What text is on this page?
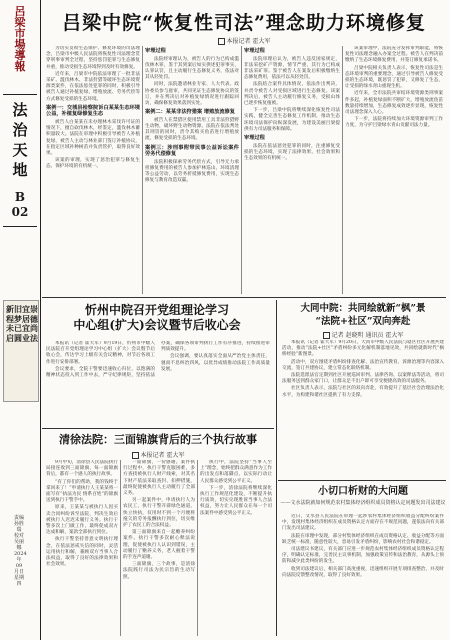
呂
梁
市
場
導
報
法
治
天
地
B
02
崇
德
尚
法
宜
居
宜
业
旧
梦
已
圆
新
程
未
启
责编 孙胜瑞 校对 吴丽娜 2024年09月日 星期四
吕梁中院“恢复性司法”理念助力环境修复
本报记者 霍大军

为切实贯彻生态保护、修复环境的司法理念，吕梁市中级人民法院将恢复性司法理念贯穿刑事审判全过程，坚持惩罚犯罪与生态修复并重，推动受损生态环境得到及时有效修复。

近年来，吕梁市中院依法审理了一批非法采矿、滥伐林木、非法狩猎等破坏生态环境资源类案件，在依法惩处犯罪的同时，积极引导被告人通过补植复绿、增殖放流、劳务代偿等方式修复受损的生态环境。

案例一：交城县检察院诉白某某生态环境公益，补植复绿修复生态

被告人白某某在未办理林木采伐许可证的情况下，擅自砍伐林木，经鉴定，滥伐林木蓄积量较大。法院在审理中积极引导被告人补植复绿，被告人主动与林业部门签订补植协议，在指定区域补种树苗并负责管护，取得良好效果。

该案的审理，实现了惩治犯罪与修复生态、保护环境的有机统一。

审理过程

法院经审理认为，被告人的行为已构成滥伐林木罪，鉴于其到案后如实供述犯罪事实，认罪认罚，且主动履行生态修复义务，依法对其从轻处罚。

同时，法院邀请林业专家、人大代表、政协委员参与庭审，共同见证生态修复协议的签订，并在判决后对补植复绿情况进行跟踪回访，确保修复效果落到实处。

案例二：某某非法狩猎案 增殖放流修复

被告人在禁猎区使用禁用工具非法狩猎野生动物，破坏野生动物资源。法院在依法判处其刑罚的同时，责令其购买鱼苗进行增殖放流，修复受损的生态环境。

案例三：涉刑事附带民事公益诉讼案件 劳务代偿修复

法院积极探索劳务代偿方式，引导无力承担修复费用的被告人参加护林巡山、环境清理等公益劳动，以劳务折抵修复费用，实现生态修复与教育改造双赢。

审理过程

法院审理后认为，被告人违反国家规定，非法采挖矿产资源，情节严重，其行为已构成非法采矿罪。鉴于被告人在案发后积极缴纳生态修复费用，依法可以从轻处罚。

法院结合案件具体情况，依法作出判决，并责令被告人对受损区域进行生态修复。该案判决后，被告人主动履行修复义务，受损山体已逐步恢复植被。

下一步，吕梁中院将继续深化恢复性司法实践，健全完善生态修复工作机制，推动生态环境司法保护向纵深发展，为建设美丽吕梁提供有力司法服务和保障。

审理过程

法院在依法惩处犯罪的同时，注重修复受损的生态环境，实现了法律效果、社会效果和生态效果的有机统一。

该案审理中，法院充分发挥审判职能，将恢复性司法理念融入办案全过程。被告人在判决前缴纳了生态环境修复费用，并签订修复承诺书。

吕梁中院相关负责人表示，恢复性司法是生态环境审判的重要理念，通过引导被告人修复受损的生态环境，既惩罚了犯罪，又修复了生态，让受损的绿水青山重现生机。

近年来，全市法院共审结环境资源类刑事案件多起，补植复绿面积不断扩大，增殖放流鱼苗数量持续增加，生态修复成效逐步显现，恢复性司法理念深入人心。

下一步，法院将持续加大环境资源审判工作力度，为守护吕梁绿水青山贡献司法力量。

忻州中院召开党组理论学习
中心组(扩大)会议暨节后收心会

本报讯（记者 霍大军）9月19日，忻州市中级人民法院召开党组理论学习中心组（扩大）会议暨节后收心会，传达学习上级有关会议精神，对节后各项工作进行安排部署。

会议要求，全院干警要迅速收心归位，以饱满的精神状态投入到工作中去，严守纪律规矩，坚持依法办案，确保各项审判执行工作有序推进，持续推进审判质效提升。

会议强调，要认真落实全面从严治党主体责任，驰而不息纠治四风，以优异成绩推动法院工作高质量发展。

清徐法院：三面锦旗背后的三个执行故事
本报记者 霍大军

9月中旬，清徐县人民法院执行局接连收到三面锦旗，每一面锦旗背后，都有一个感人的执行故事。

“有了你们的帮助，我的钱终于拿回来了！”申请执行人王某某将一面写有“执法为民 情系百姓”的锦旗送到执行干警手中。

原来，王某某与被执行人因买卖合同纠纷诉至法院，判决生效后被执行人迟迟未履行义务。执行干警多次上门做工作，最终促成双方达成和解，案款全部执行到位。

执行干警坚持善意文明执行理念，在依法惩戒失信的同时，灵活运用执行和解，兼顾双方当事人合法权益，取得了良好的法律效果和社会效果。

一面锦旗，一份感谢。案件执行过程中，执行干警克服困难，多方查找被执行人财产线索，对其名下财产依法采取查封、扣押措施，最终促使被执行人主动履行了全部义务。

另一起案件中，申请执行人为农民工，执行干警开辟绿色通道，快立快执，仅用时不到一个月便将拖欠的劳务报酬执行到位，切实维护了农民工的合法权益。

第三面锦旗来自一起赡养纠纷案件。执行干警多次耐心释法说理，促使被执行人认识到错误，主动履行了赡养义务，老人握着干警的手连声道谢。

三面锦旗，三个故事，是清徐法院践行司法为民宗旨的生动写照。

执行中，法院坚持“当事人至上”理念，始终把群众满意作为工作的出发点和落脚点，以实际行动让人民群众感受到公平正义。

下一步，清徐法院将继续深化执行工作规范化建设，不断提升执行质效，切实兑现胜诉当事人合法权益，努力让人民群众在每一个司法案件中感受到公平正义。

大同中院：共同绘就新“枫”景
“法院+社区”双向奔赴
记者 赵晓明 通讯员 霍大军

本报讯（记者 霍大军）9月20日，大同市中级人民法院与辖区社区开展共建活动，推动“法院+社区”矛盾纠纷多元化解机制落地见效，共同绘就新时代“枫桥经验”新图景。

活动中，双方围绕矛盾纠纷排查化解、法治宣传教育、诉源治理等内容深入交流，签订共建协议，建立常态化联络机制。

法院选派法官定期到社区开展巡回审判、法律咨询、以案释法等活动，将司法服务送到群众家门口，让群众足不出户即可享受便捷高效的司法服务。

社区负责人表示，法院与社区的双向奔赴，有效提升了基层社会治理法治化水平，为构建和谐社区提供了有力支撑。

小切口析财的大问题
——文水法院就如何规范农村集体经济组织成员资格认定问题发出司法建议

近日，文水县人民法院在审理一起涉农村集体经济组织收益分配纠纷案件中，发现村集体经济组织在成员资格认定方面存在不规范问题，遂依法向有关部门发出司法建议。

法院在审理中发现，部分村集体经济组织在成员资格认定、收益分配等方面缺乏统一标准，随意性较大，容易引发矛盾纠纷，影响农村社会和谐稳定。

司法建议书建议，有关部门应进一步规范农村集体经济组织成员资格认定程序，明确认定标准，完善民主议事机制，加强政策宣传和法治教育，从源头上预防和减少此类纠纷的发生。

收到司法建议后，相关部门高度重视，迅速组织开展专项排查整治，并及时向法院反馈整改情况，取得了良好效果。
